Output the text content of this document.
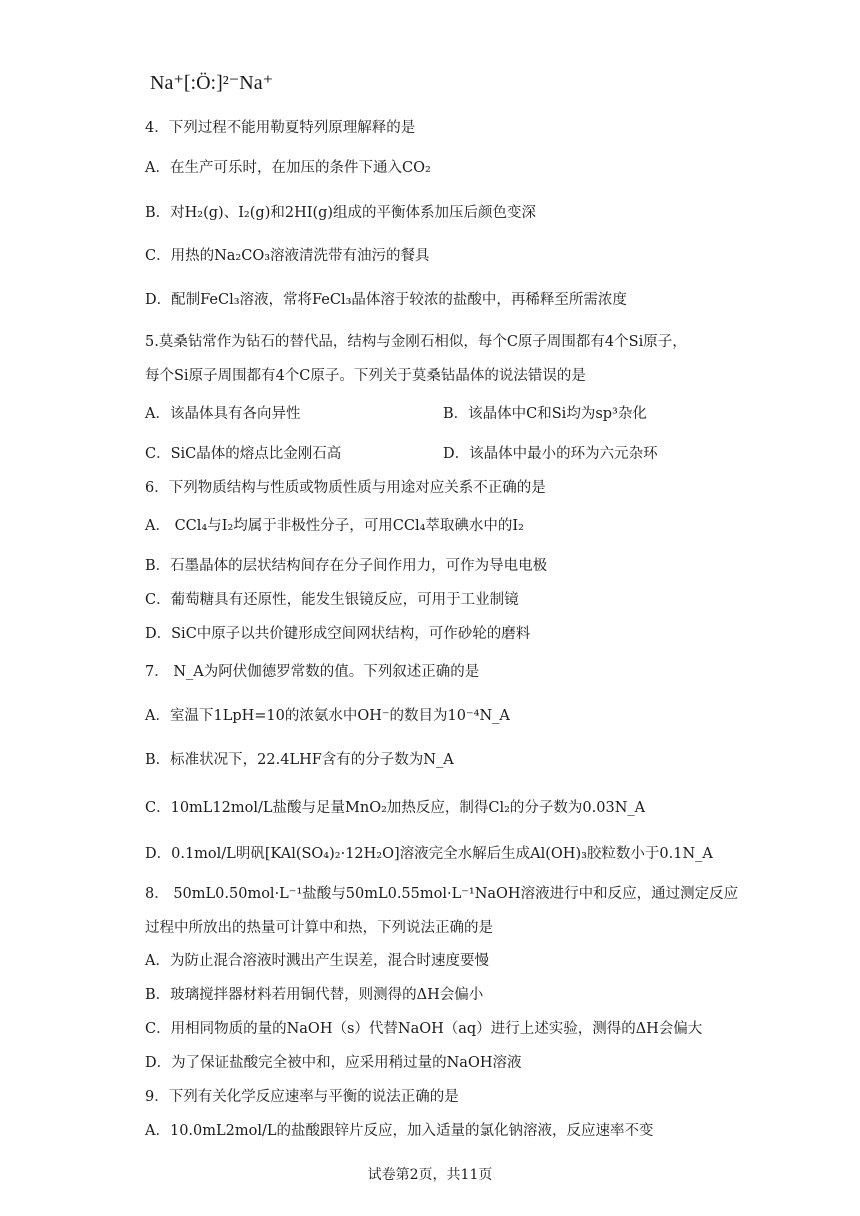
Na⁺[:Ö:]²⁻Na⁺
4．下列过程不能用勒夏特列原理解释的是
A．在生产可乐时，在加压的条件下通入CO₂
B．对H₂(g)、I₂(g)和2HI(g)组成的平衡体系加压后颜色变深
C．用热的Na₂CO₃溶液清洗带有油污的餐具
D．配制FeCl₃溶液，常将FeCl₃晶体溶于较浓的盐酸中，再稀释至所需浓度
5.莫桑钻常作为钻石的替代品，结构与金刚石相似，每个C原子周围都有4个Si原子，
每个Si原子周围都有4个C原子。下列关于莫桑钻晶体的说法错误的是
A．该晶体具有各向异性	B．该晶体中C和Si均为sp³杂化
C．SiC晶体的熔点比金刚石高	D．该晶体中最小的环为六元杂环
6．下列物质结构与性质或物质性质与用途对应关系不正确的是
A． CCl₄与I₂均属于非极性分子，可用CCl₄萃取碘水中的I₂
B．石墨晶体的层状结构间存在分子间作用力，可作为导电电极
C．葡萄糖具有还原性，能发生银镜反应，可用于工业制镜
D．SiC中原子以共价键形成空间网状结构，可作砂轮的磨料
7． N_A为阿伏伽德罗常数的值。下列叙述正确的是
A．室温下1LpH=10的浓氨水中OH⁻的数目为10⁻⁴N_A
B．标准状况下，22.4LHF含有的分子数为N_A
C．10mL12mol/L盐酸与足量MnO₂加热反应，制得Cl₂的分子数为0.03N_A
D．0.1mol/L明矾[KAl(SO₄)₂·12H₂O]溶液完全水解后生成Al(OH)₃胶粒数小于0.1N_A
8． 50mL0.50mol·L⁻¹盐酸与50mL0.55mol·L⁻¹NaOH溶液进行中和反应，通过测定反应
过程中所放出的热量可计算中和热，下列说法正确的是
A．为防止混合溶液时溅出产生误差，混合时速度要慢
B．玻璃搅拌器材料若用铜代替，则测得的ΔH会偏小
C．用相同物质的量的NaOH（s）代替NaOH（aq）进行上述实验，测得的ΔH会偏大
D．为了保证盐酸完全被中和，应采用稍过量的NaOH溶液
9．下列有关化学反应速率与平衡的说法正确的是
A．10.0mL2mol/L的盐酸跟锌片反应，加入适量的氯化钠溶液，反应速率不变
试卷第2页，共11页
